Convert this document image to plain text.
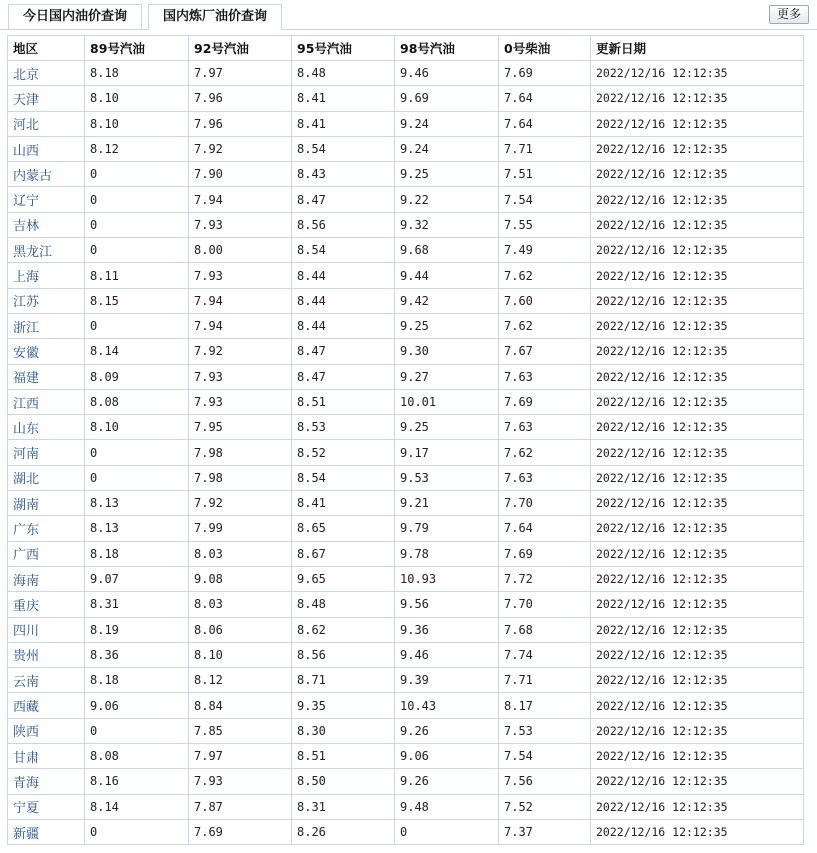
今日国内油价查询	国内炼厂油价查询	更多
地区	89号汽油	92号汽油	95号汽油	98号汽油	0号柴油	更新日期
北京	8.18	7.97	8.48	9.46	7.69	2022/12/16 12:12:35
天津	8.10	7.96	8.41	9.69	7.64	2022/12/16 12:12:35
河北	8.10	7.96	8.41	9.24	7.64	2022/12/16 12:12:35
山西	8.12	7.92	8.54	9.24	7.71	2022/12/16 12:12:35
内蒙古	0	7.90	8.43	9.25	7.51	2022/12/16 12:12:35
辽宁	0	7.94	8.47	9.22	7.54	2022/12/16 12:12:35
吉林	0	7.93	8.56	9.32	7.55	2022/12/16 12:12:35
黑龙江	0	8.00	8.54	9.68	7.49	2022/12/16 12:12:35
上海	8.11	7.93	8.44	9.44	7.62	2022/12/16 12:12:35
江苏	8.15	7.94	8.44	9.42	7.60	2022/12/16 12:12:35
浙江	0	7.94	8.44	9.25	7.62	2022/12/16 12:12:35
安徽	8.14	7.92	8.47	9.30	7.67	2022/12/16 12:12:35
福建	8.09	7.93	8.47	9.27	7.63	2022/12/16 12:12:35
江西	8.08	7.93	8.51	10.01	7.69	2022/12/16 12:12:35
山东	8.10	7.95	8.53	9.25	7.63	2022/12/16 12:12:35
河南	0	7.98	8.52	9.17	7.62	2022/12/16 12:12:35
湖北	0	7.98	8.54	9.53	7.63	2022/12/16 12:12:35
湖南	8.13	7.92	8.41	9.21	7.70	2022/12/16 12:12:35
广东	8.13	7.99	8.65	9.79	7.64	2022/12/16 12:12:35
广西	8.18	8.03	8.67	9.78	7.69	2022/12/16 12:12:35
海南	9.07	9.08	9.65	10.93	7.72	2022/12/16 12:12:35
重庆	8.31	8.03	8.48	9.56	7.70	2022/12/16 12:12:35
四川	8.19	8.06	8.62	9.36	7.68	2022/12/16 12:12:35
贵州	8.36	8.10	8.56	9.46	7.74	2022/12/16 12:12:35
云南	8.18	8.12	8.71	9.39	7.71	2022/12/16 12:12:35
西藏	9.06	8.84	9.35	10.43	8.17	2022/12/16 12:12:35
陕西	0	7.85	8.30	9.26	7.53	2022/12/16 12:12:35
甘肃	8.08	7.97	8.51	9.06	7.54	2022/12/16 12:12:35
青海	8.16	7.93	8.50	9.26	7.56	2022/12/16 12:12:35
宁夏	8.14	7.87	8.31	9.48	7.52	2022/12/16 12:12:35
新疆	0	7.69	8.26	0	7.37	2022/12/16 12:12:35
